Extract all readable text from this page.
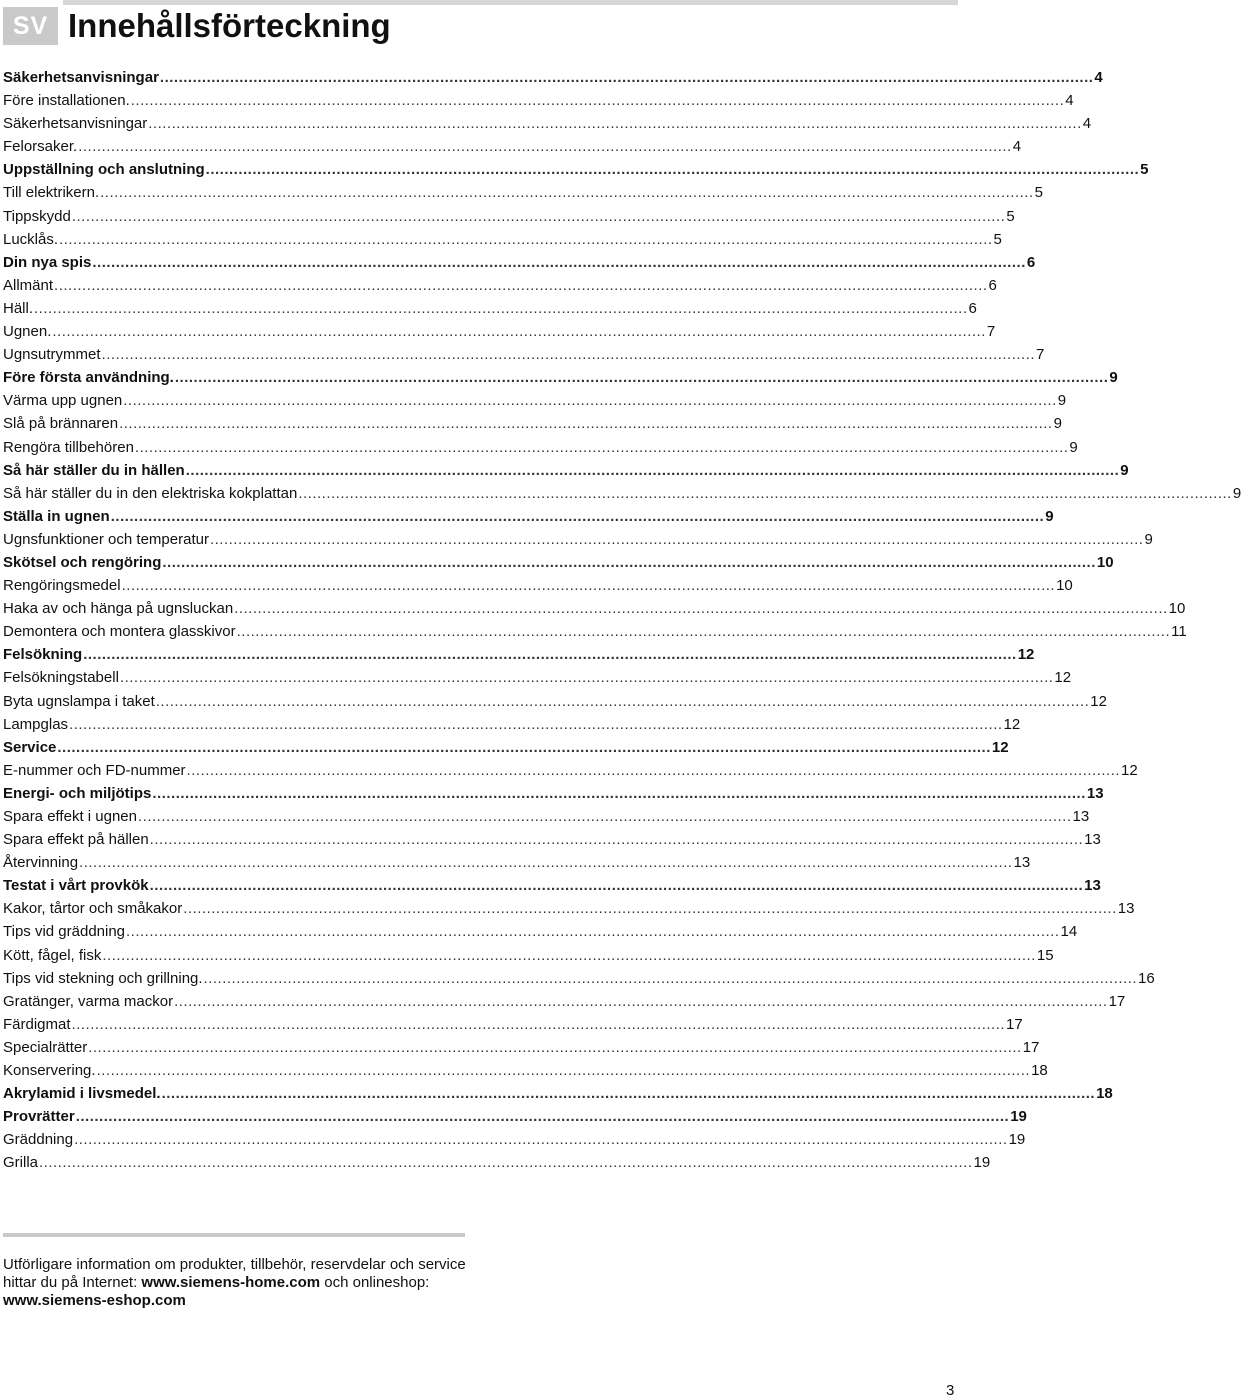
SV Innehållsförteckning
Säkerhetsanvisningar ........................................................................................................................................................................................................ 4
Före installationen. ........................................................................................................................................................................................................ 4
Säkerhetsanvisningar ........................................................................................................................................................................................................ 4
Felorsaker. ........................................................................................................................................................................................................ 4
Uppställning och anslutning ........................................................................................................................................................................................................ 5
Till elektrikern. ........................................................................................................................................................................................................ 5
Tippskydd ........................................................................................................................................................................................................ 5
Lucklås. ........................................................................................................................................................................................................ 5
Din nya spis ........................................................................................................................................................................................................ 6
Allmänt ........................................................................................................................................................................................................ 6
Häll. ........................................................................................................................................................................................................ 6
Ugnen. ........................................................................................................................................................................................................ 7
Ugnsutrymmet ........................................................................................................................................................................................................ 7
Före första användning. ........................................................................................................................................................................................................ 9
Värma upp ugnen ........................................................................................................................................................................................................ 9
Slå på brännaren ........................................................................................................................................................................................................ 9
Rengöra tillbehören ........................................................................................................................................................................................................ 9
Så här ställer du in hällen ........................................................................................................................................................................................................ 9
Så här ställer du in den elektriska kokplattan ........................................................................................................................................................................................................ 9
Ställa in ugnen ........................................................................................................................................................................................................ 9
Ugnsfunktioner och temperatur ........................................................................................................................................................................................................ 9
Skötsel och rengöring ........................................................................................................................................................................................................ 10
Rengöringsmedel ........................................................................................................................................................................................................ 10
Haka av och hänga på ugnsluckan ........................................................................................................................................................................................................ 10
Demontera och montera glasskivor ........................................................................................................................................................................................................ 11
Felsökning ........................................................................................................................................................................................................ 12
Felsökningstabell ........................................................................................................................................................................................................ 12
Byta ugnslampa i taket ........................................................................................................................................................................................................ 12
Lampglas ........................................................................................................................................................................................................ 12
Service ........................................................................................................................................................................................................ 12
E-nummer och FD-nummer ........................................................................................................................................................................................................ 12
Energi- och miljötips ........................................................................................................................................................................................................ 13
Spara effekt i ugnen ........................................................................................................................................................................................................ 13
Spara effekt på hällen ........................................................................................................................................................................................................ 13
Återvinning ........................................................................................................................................................................................................ 13
Testat i vårt provkök ........................................................................................................................................................................................................ 13
Kakor, tårtor och småkakor ........................................................................................................................................................................................................ 13
Tips vid gräddning ........................................................................................................................................................................................................ 14
Kött, fågel, fisk ........................................................................................................................................................................................................ 15
Tips vid stekning och grillning. ........................................................................................................................................................................................................ 16
Gratänger, varma mackor ........................................................................................................................................................................................................ 17
Färdigmat ........................................................................................................................................................................................................ 17
Specialrätter ........................................................................................................................................................................................................ 17
Konservering. ........................................................................................................................................................................................................ 18
Akrylamid i livsmedel. ........................................................................................................................................................................................................ 18
Provrätter ........................................................................................................................................................................................................ 19
Gräddning ........................................................................................................................................................................................................ 19
Grilla ........................................................................................................................................................................................................ 19

Utförligare information om produkter, tillbehör, reservdelar och service hittar du på Internet: www.siemens-home.com och onlineshop: www.siemens-eshop.com

3
